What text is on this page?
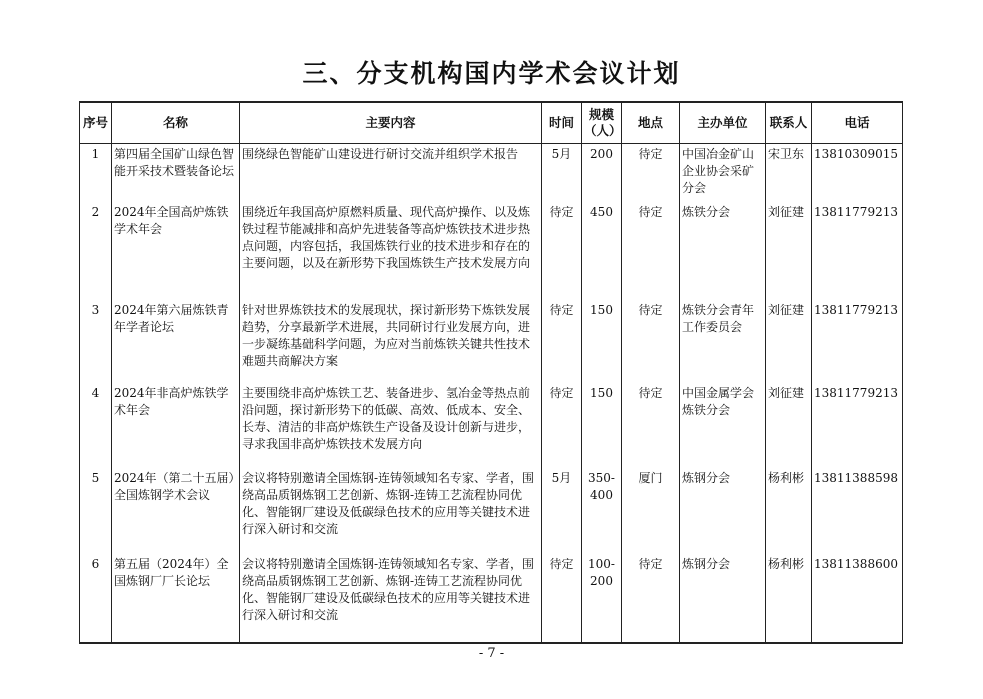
三、分支机构国内学术会议计划
序号	名称	主要内容	时间	规模（人）	地点	主办单位	联系人	电话
1	第四届全国矿山绿色智能开采技术暨装备论坛	围绕绿色智能矿山建设进行研讨交流并组织学术报告	5月	200	待定	中国冶金矿山企业协会采矿分会	宋卫东	13810309015
2	2024年全国高炉炼铁学术年会	围绕近年我国高炉原燃料质量、现代高炉操作、以及炼铁过程节能减排和高炉先进装备等高炉炼铁技术进步热点问题，内容包括，我国炼铁行业的技术进步和存在的主要问题，以及在新形势下我国炼铁生产技术发展方向	待定	450	待定	炼铁分会	刘征建	13811779213
3	2024年第六届炼铁青年学者论坛	针对世界炼铁技术的发展现状，探讨新形势下炼铁发展趋势，分享最新学术进展，共同研讨行业发展方向，进一步凝练基础科学问题，为应对当前炼铁关键共性技术难题共商解决方案	待定	150	待定	炼铁分会青年工作委员会	刘征建	13811779213
4	2024年非高炉炼铁学术年会	主要围绕非高炉炼铁工艺、装备进步、氢冶金等热点前沿问题，探讨新形势下的低碳、高效、低成本、安全、长寿、清洁的非高炉炼铁生产设备及设计创新与进步，寻求我国非高炉炼铁技术发展方向	待定	150	待定	中国金属学会炼铁分会	刘征建	13811779213
5	2024年（第二十五届）全国炼钢学术会议	会议将特别邀请全国炼钢-连铸领域知名专家、学者，围绕高品质钢炼钢工艺创新、炼钢-连铸工艺流程协同优化、智能钢厂建设及低碳绿色技术的应用等关键技术进行深入研讨和交流	5月	350-400	厦门	炼钢分会	杨利彬	13811388598
6	第五届（2024年）全国炼钢厂厂长论坛	会议将特别邀请全国炼钢-连铸领域知名专家、学者，围绕高品质钢炼钢工艺创新、炼钢-连铸工艺流程协同优化、智能钢厂建设及低碳绿色技术的应用等关键技术进行深入研讨和交流	待定	100-200	待定	炼钢分会	杨利彬	13811388600
- 7 -
